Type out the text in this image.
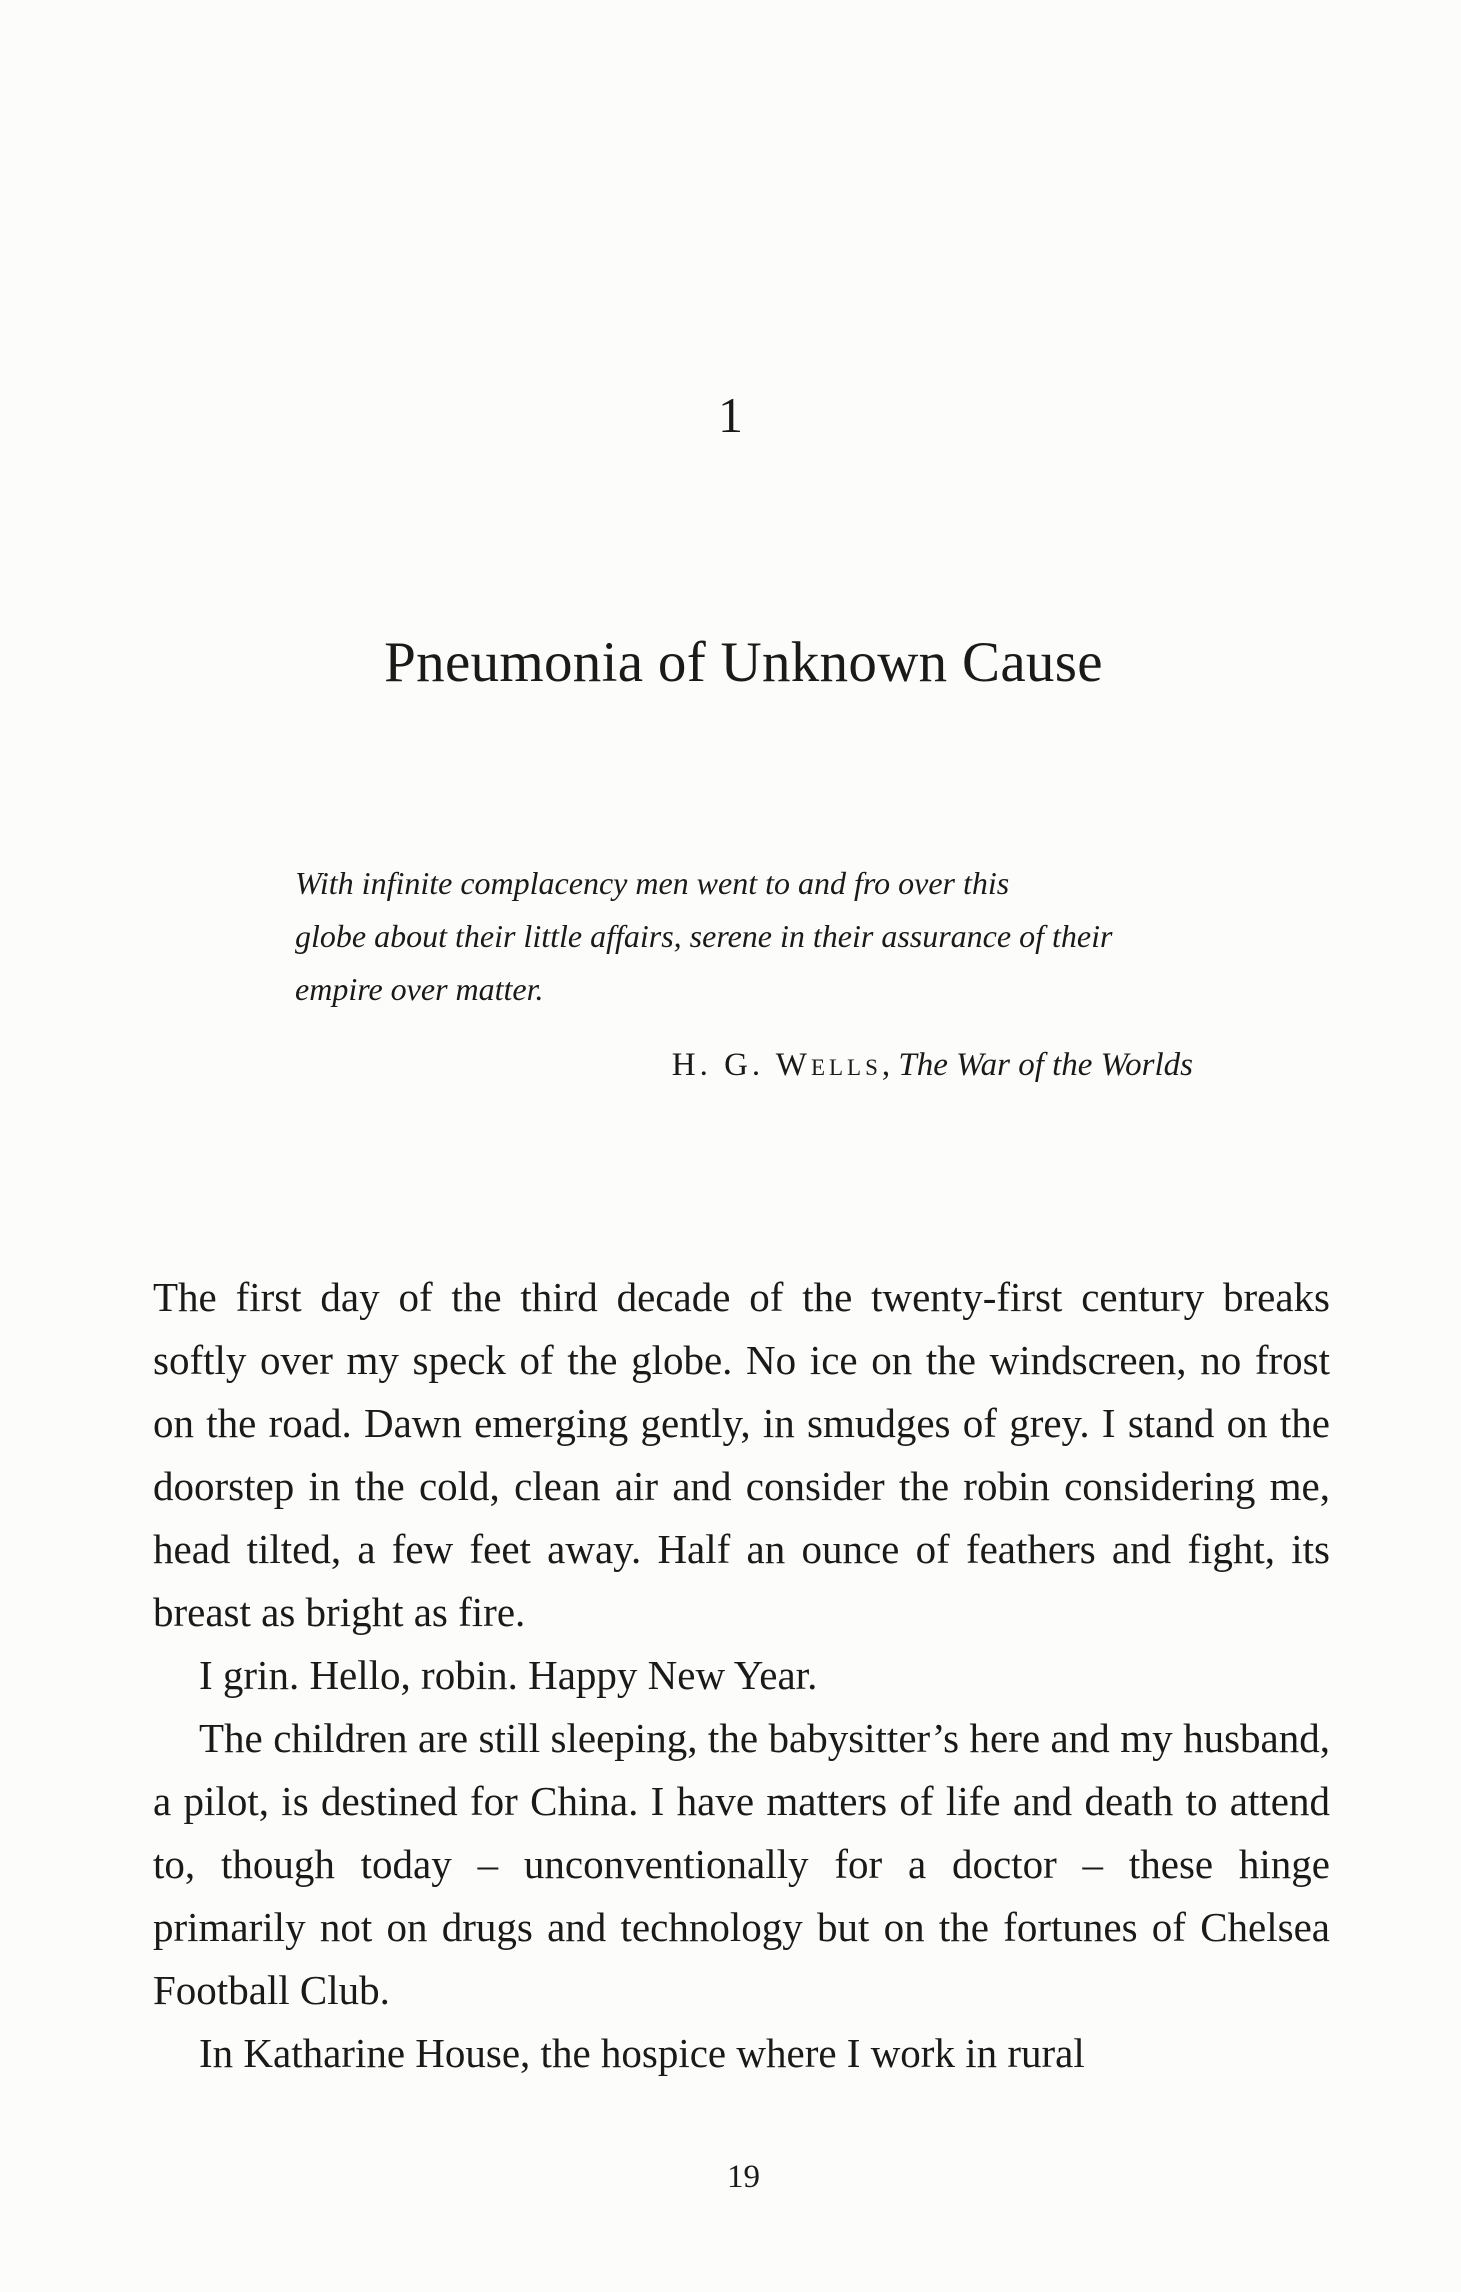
1
Pneumonia of Unknown Cause

With infinite complacency men went to and fro over this

globe about their little affairs, serene in their assurance of their

empire over matter.

H. G. Wells, The War of the Worlds

The first day of the third decade of the twenty-first century breaks softly over my speck of the globe. No ice on the windscreen, no frost on the road. Dawn emerging gently, in smudges of grey. I stand on the doorstep in the cold, clean air and consider the robin considering me, head tilted, a few feet away. Half an ounce of feathers and fight, its breast as bright as fire.

I grin. Hello, robin. Happy New Year.

The children are still sleeping, the babysitter’s here and my husband, a pilot, is destined for China. I have matters of life and death to attend to, though today – unconventionally for a doctor – these hinge primarily not on drugs and technology but on the fortunes of Chelsea Football Club.

In Katharine House, the hospice where I work in rural

19
